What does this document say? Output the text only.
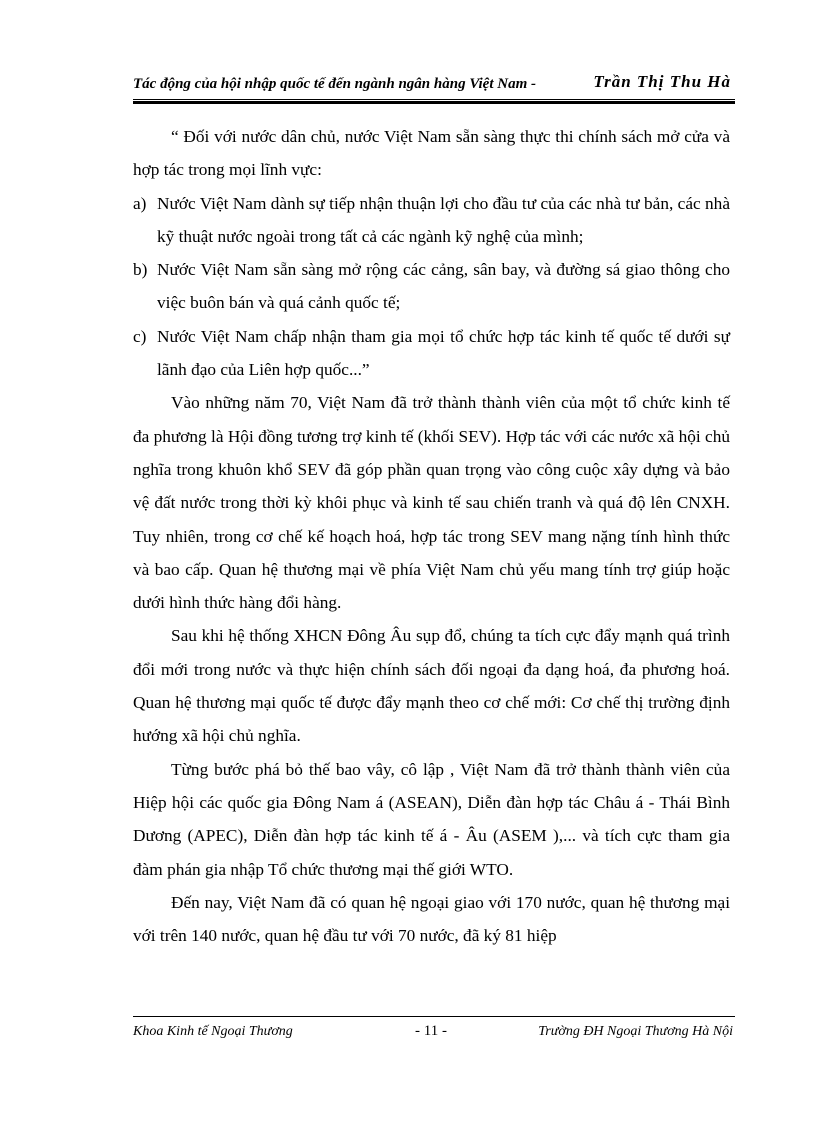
Tác động của hội nhập quốc tế đến ngành ngân hàng Việt Nam -	Trần Thị Thu Hà

“ Đối với nước dân chủ, nước Việt Nam sẵn sàng thực thi chính sách mở cửa và hợp tác trong mọi lĩnh vực:

a) Nước Việt Nam dành sự tiếp nhận thuận lợi cho đầu tư của các nhà tư bản, các nhà kỹ thuật nước ngoài trong tất cả các ngành kỹ nghệ của mình;

b) Nước Việt Nam sẵn sàng mở rộng các cảng, sân bay, và đường sá giao thông cho việc buôn bán và quá cảnh quốc tế;

c) Nước Việt Nam chấp nhận tham gia mọi tổ chức hợp tác kinh tế quốc tế dưới sự lãnh đạo của Liên hợp quốc...”

Vào những năm 70, Việt Nam đã trở thành thành viên của một tổ chức kinh tế đa phương là Hội đồng tương trợ kinh tế (khối SEV). Hợp tác với các nước xã hội chủ nghĩa trong khuôn khổ SEV đã góp phần quan trọng vào công cuộc xây dựng và bảo vệ đất nước trong thời kỳ khôi phục và kinh tế sau chiến tranh và quá độ lên CNXH. Tuy nhiên, trong cơ chế kế hoạch hoá, hợp tác trong SEV mang nặng tính hình thức và bao cấp. Quan hệ thương mại về phía Việt Nam chủ yếu mang tính trợ giúp hoặc dưới hình thức hàng đổi hàng.

Sau khi hệ thống XHCN Đông Âu sụp đổ, chúng ta tích cực đẩy mạnh quá trình đổi mới trong nước và thực hiện chính sách đối ngoại đa dạng hoá, đa phương hoá. Quan hệ thương mại quốc tế được đẩy mạnh theo cơ chế mới: Cơ chế thị trường định hướng xã hội chủ nghĩa.

Từng bước phá bỏ thế bao vây, cô lập , Việt Nam đã trở thành thành viên của Hiệp hội các quốc gia Đông Nam á (ASEAN), Diễn đàn hợp tác Châu á - Thái Bình Dương (APEC), Diễn đàn hợp tác kinh tế á - Âu (ASEM ),... và tích cực tham gia đàm phán gia nhập Tổ chức thương mại thế giới WTO.

Đến nay, Việt Nam đã có quan hệ ngoại giao với 170 nước, quan hệ thương mại với trên 140 nước, quan hệ đầu tư với 70 nước, đã ký 81 hiệp

Khoa Kinh tế Ngoại Thương	- 11 -	Trường ĐH Ngoại Thương Hà Nội
